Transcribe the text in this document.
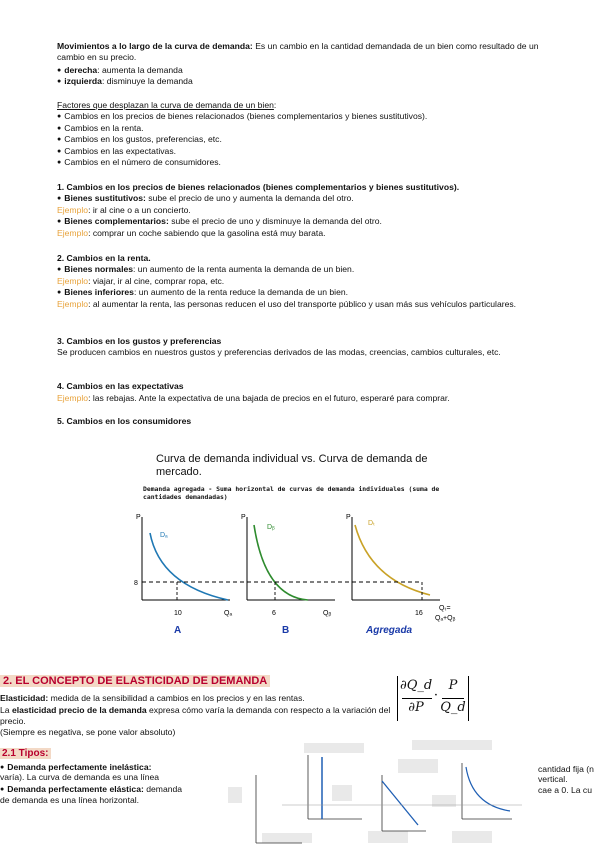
Movimientos a lo largo de la curva de demanda: Es un cambio en la cantidad demandada de un bien como resultado de un cambio en su precio.
● derecha: aumenta la demanda
● izquierda: disminuye la demanda
Factores que desplazan la curva de demanda de un bien:
● Cambios en los precios de bienes relacionados (bienes complementarios y bienes sustitutivos).
● Cambios en la renta.
● Cambios en los gustos, preferencias, etc.
● Cambios en las expectativas.
● Cambios en el número de consumidores.
1. Cambios en los precios de bienes relacionados (bienes complementarios y bienes sustitutivos).
● Bienes sustitutivos: sube el precio de uno y aumenta la demanda del otro.
Ejemplo: ir al cine o a un concierto.
● Bienes complementarios: sube el precio de uno y disminuye la demanda del otro.
Ejemplo: comprar un coche sabiendo que la gasolina está muy barata.
2. Cambios en la renta.
● Bienes normales: un aumento de la renta aumenta la demanda de un bien.
Ejemplo: viajar, ir al cine, comprar ropa, etc.
● Bienes inferiores: un aumento de la renta reduce la demanda de un bien.
Ejemplo: al aumentar la renta, las personas reducen el uso del transporte público y usan más sus vehículos particulares.
3. Cambios en los gustos y preferencias
Se producen cambios en nuestros gustos y preferencias derivados de las modas, creencias, cambios culturales, etc.
4. Cambios en las expectativas
Ejemplo: las rebajas. Ante la expectativa de una bajada de precios en el futuro, esperaré para comprar.
5. Cambios en los consumidores
Curva de demanda individual vs. Curva de demanda de mercado.
Demanda agregada - Suma horizontal de curvas de demanda individuales (suma de cantidades demandadas)
P	P	P
8
Dₐ
Dᵦ
Dₜ
10	6	16
Qₐ	Qᵦ
Qₜ=
Qₐ+Qᵦ
A	B	Agregada
2. EL CONCEPTO DE ELASTICIDAD DE DEMANDA
Elasticidad: medida de la sensibilidad a cambios en los precios y en las rentas.
La elasticidad precio de la demanda expresa cómo varía la demanda con respecto a la variación del precio.
(Siempre es negativa, se pone valor absoluto)
∂Q_d
∂P
·
P
Q_d
2.1 Tipos:
● Demanda perfectamente inelástica:
varía). La curva de demanda es una línea
● Demanda perfectamente elástica: demanda
de demanda es una línea horizontal.
cantidad fija (n
vertical.
cae a 0. La cu
